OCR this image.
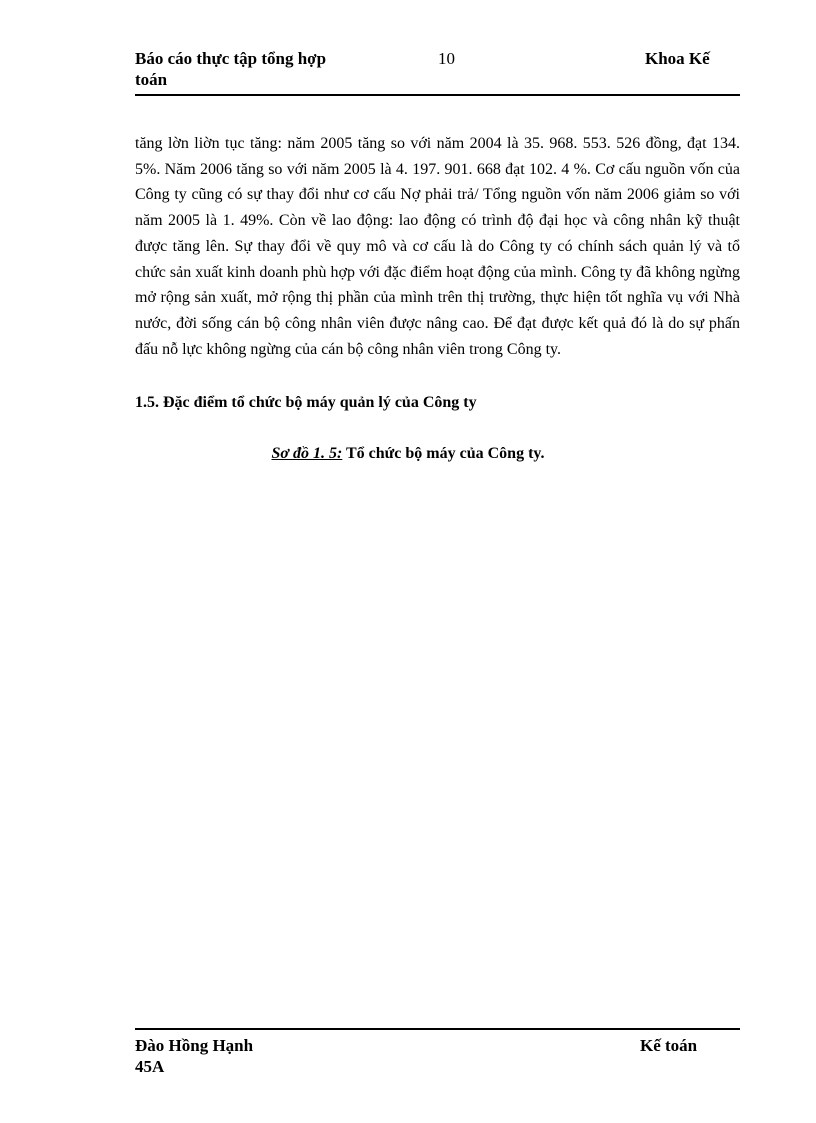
Báo cáo thực tập tổng hợp
toán
10	Khoa Kế

tăng lờn liờn tục tăng: năm 2005 tăng so với năm 2004 là 35. 968. 553. 526 đồng, đạt 134. 5%. Năm 2006 tăng so với năm 2005 là 4. 197. 901. 668 đạt 102. 4 %. Cơ cấu nguồn vốn của Công ty cũng có sự thay đổi như cơ cấu Nợ phải trả/ Tổng nguồn vốn năm 2006 giảm so với năm 2005 là 1. 49%. Còn về lao động: lao động có trình độ đại học và công nhân kỹ thuật được tăng lên. Sự thay đổi về quy mô và cơ cấu là do Công ty có chính sách quản lý và tổ chức sản xuất kinh doanh phù hợp với đặc điểm hoạt động của mình. Công ty đã không ngừng mở rộng sản xuất, mở rộng thị phần của mình trên thị trường, thực hiện tốt nghĩa vụ với Nhà nước, đời sống cán bộ công nhân viên được nâng cao. Để đạt được kết quả đó là do sự phấn đấu nỗ lực không ngừng của cán bộ công nhân viên trong Công ty.

1.5. Đặc điểm tổ chức bộ máy quản lý của Công ty

Sơ đồ 1. 5: Tổ chức bộ máy của Công ty.
Đào Hồng Hạnh
45A
Kế toán
